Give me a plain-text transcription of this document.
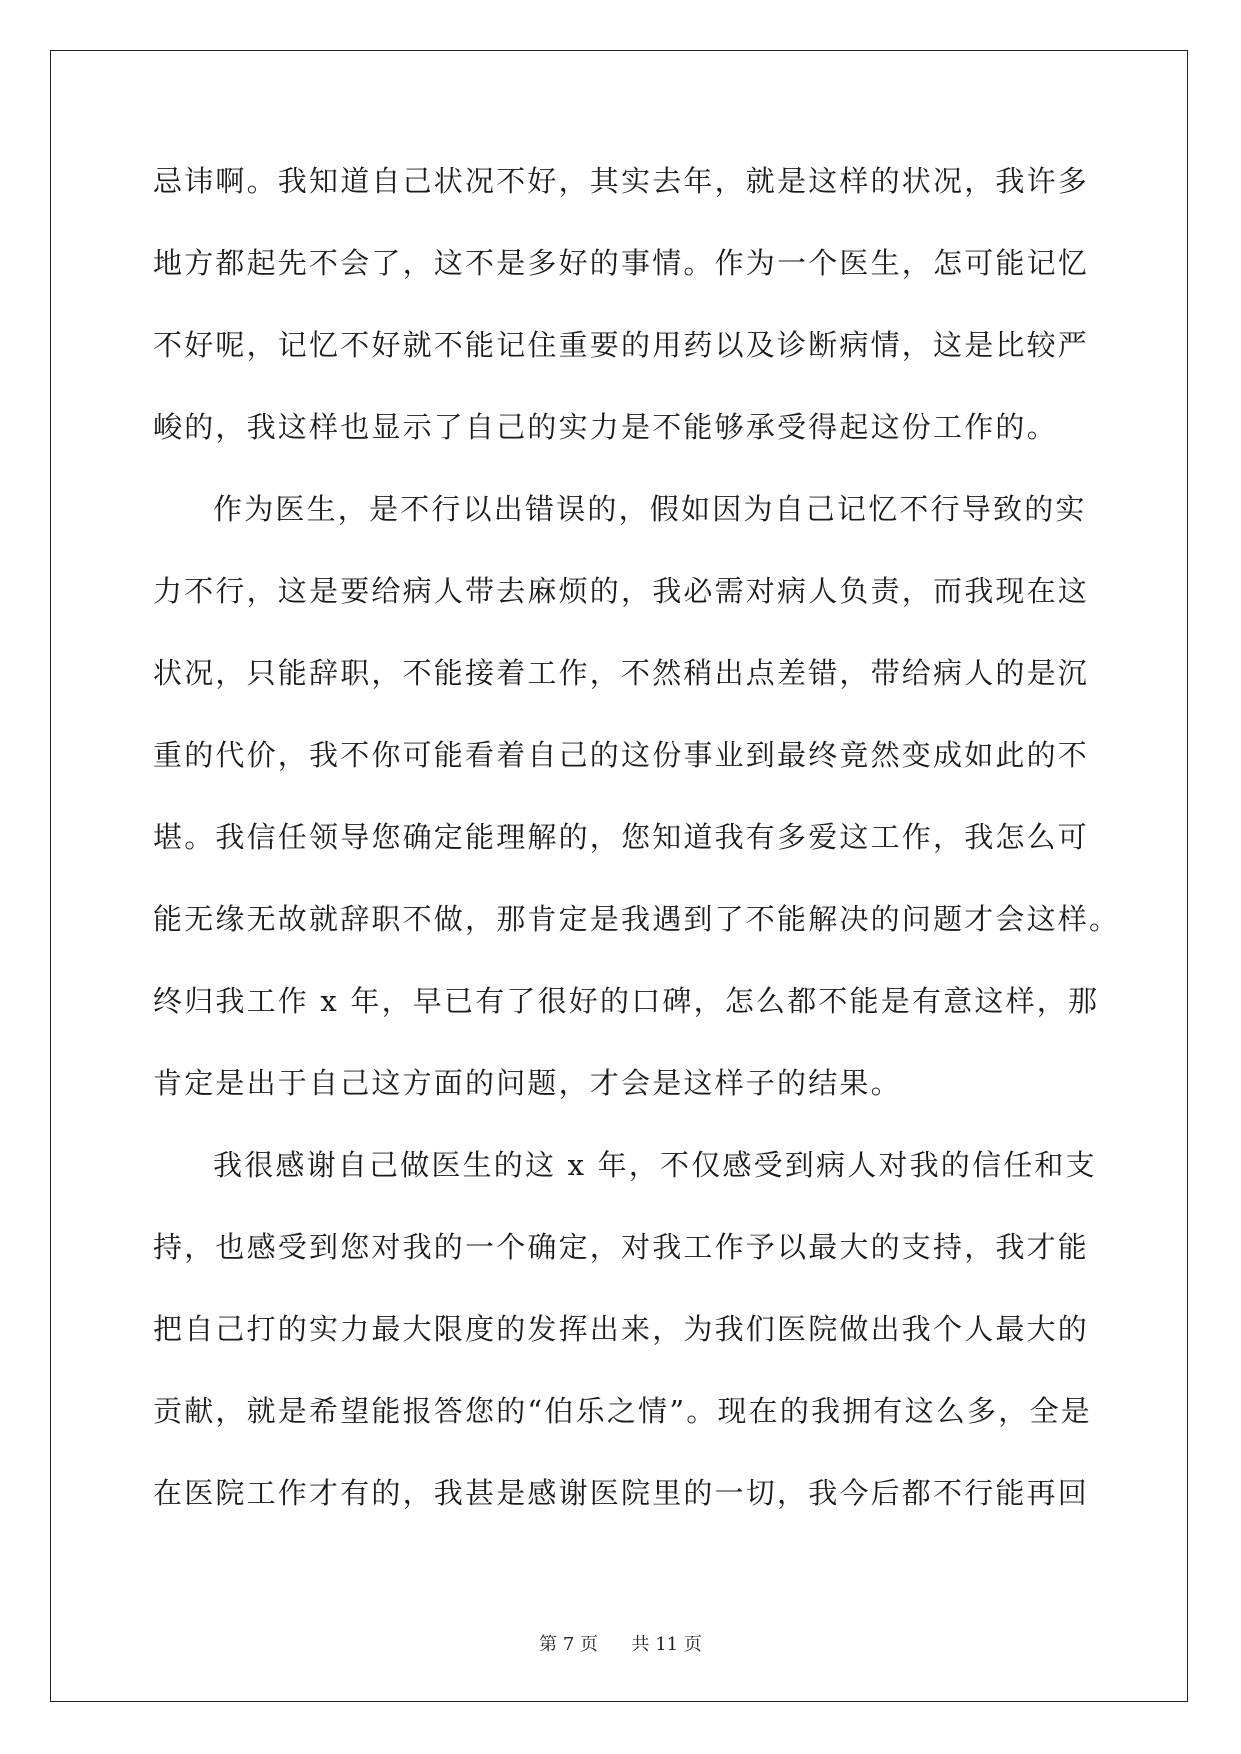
忌讳啊。我知道自己状况不好，其实去年，就是这样的状况，我许多
地方都起先不会了，这不是多好的事情。作为一个医生，怎可能记忆
不好呢，记忆不好就不能记住重要的用药以及诊断病情，这是比较严
峻的，我这样也显示了自己的实力是不能够承受得起这份工作的。
作为医生，是不行以出错误的，假如因为自己记忆不行导致的实
力不行，这是要给病人带去麻烦的，我必需对病人负责，而我现在这
状况，只能辞职，不能接着工作，不然稍出点差错，带给病人的是沉
重的代价，我不你可能看着自己的这份事业到最终竟然变成如此的不
堪。我信任领导您确定能理解的，您知道我有多爱这工作，我怎么可
能无缘无故就辞职不做，那肯定是我遇到了不能解决的问题才会这样。
终归我工作 x 年，早已有了很好的口碑，怎么都不能是有意这样，那
肯定是出于自己这方面的问题，才会是这样子的结果。
我很感谢自己做医生的这 x 年，不仅感受到病人对我的信任和支
持，也感受到您对我的一个确定，对我工作予以最大的支持，我才能
把自己打的实力最大限度的发挥出来，为我们医院做出我个人最大的
贡献，就是希望能报答您的“伯乐之情”。现在的我拥有这么多，全是
在医院工作才有的，我甚是感谢医院里的一切，我今后都不行能再回
第 7 页 共 11 页
